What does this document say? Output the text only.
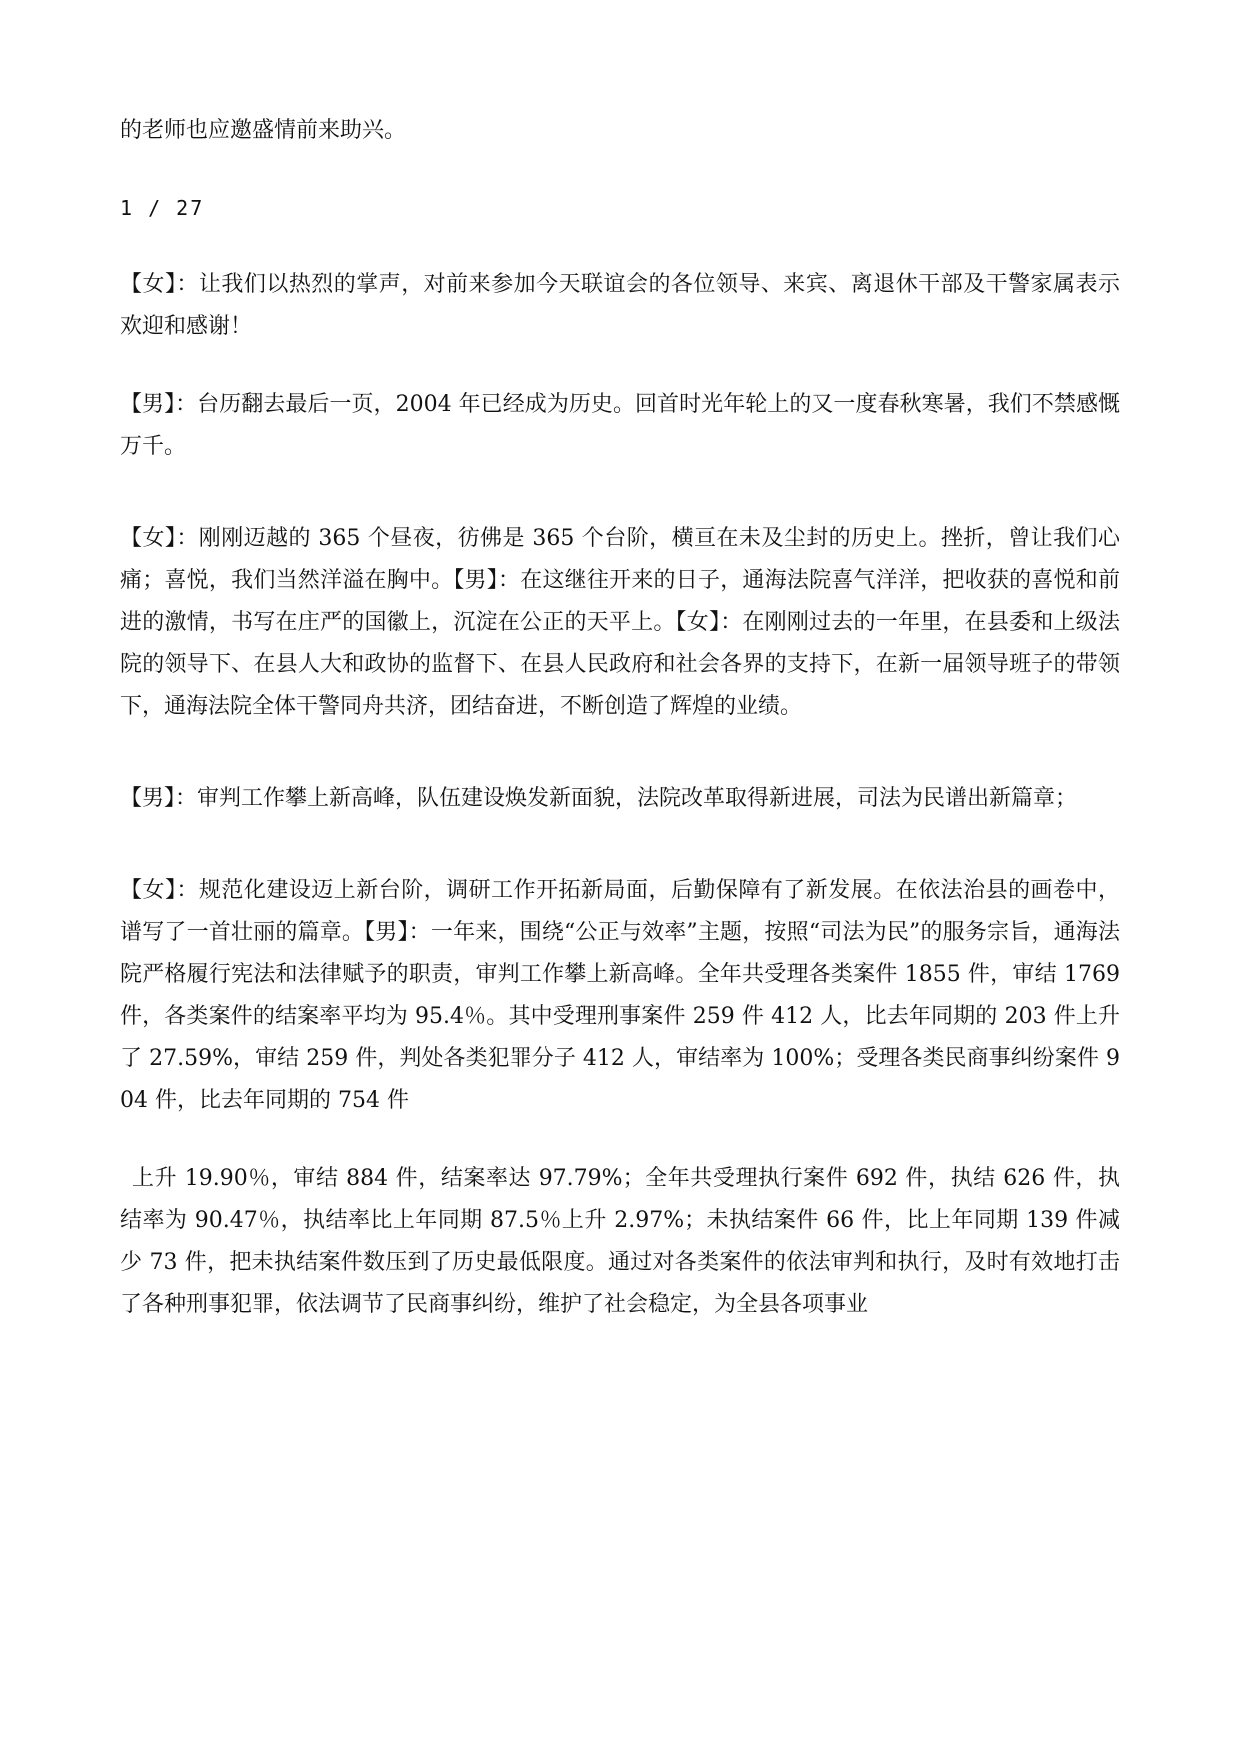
的老师也应邀盛情前来助兴。

1 / 27

【女】：让我们以热烈的掌声，对前来参加今天联谊会的各位领导、来宾、离退休干部及干警家属表示欢迎和感谢！

【男】：台历翻去最后一页，2004 年已经成为历史。回首时光年轮上的又一度春秋寒暑，我们不禁感慨万千。

【女】：刚刚迈越的 365 个昼夜，彷佛是 365 个台阶，横亘在未及尘封的历史上。挫折，曾让我们心痛；喜悦，我们当然洋溢在胸中。【男】：在这继往开来的日子，通海法院喜气洋洋，把收获的喜悦和前进的激情，书写在庄严的国徽上，沉淀在公正的天平上。【女】：在刚刚过去的一年里，在县委和上级法院的领导下、在县人大和政协的监督下、在县人民政府和社会各界的支持下，在新一届领导班子的带领下，通海法院全体干警同舟共济，团结奋进，不断创造了辉煌的业绩。

【男】：审判工作攀上新高峰，队伍建设焕发新面貌，法院改革取得新进展，司法为民谱出新篇章；

【女】：规范化建设迈上新台阶，调研工作开拓新局面，后勤保障有了新发展。在依法治县的画卷中，谱写了一首壮丽的篇章。【男】：一年来，围绕“公正与效率”主题，按照“司法为民”的服务宗旨，通海法院严格履行宪法和法律赋予的职责，审判工作攀上新高峰。全年共受理各类案件 1855 件，审结 1769 件，各类案件的结案率平均为 95.4％。其中受理刑事案件 259 件 412 人，比去年同期的 203 件上升了 27.59%，审结 259 件，判处各类犯罪分子 412 人，审结率为 100%；受理各类民商事纠纷案件 904 件，比去年同期的 754 件

上升 19.90％，审结 884 件，结案率达 97.79%；全年共受理执行案件 692 件，执结 626 件，执结率为 90.47％，执结率比上年同期 87.5％上升 2.97%；未执结案件 66 件，比上年同期 139 件减少 73 件，把未执结案件数压到了历史最低限度。通过对各类案件的依法审判和执行，及时有效地打击了各种刑事犯罪，依法调节了民商事纠纷，维护了社会稳定，为全县各项事业
